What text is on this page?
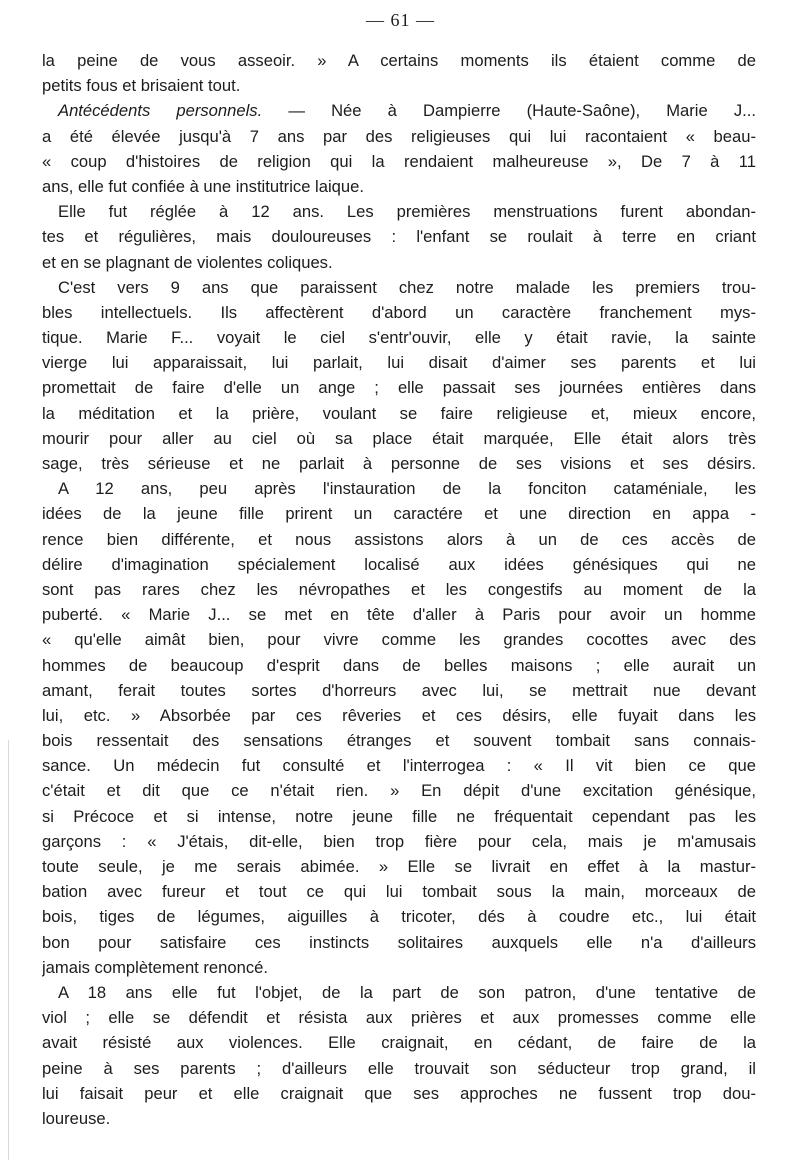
— 61 —
la peine de vous asseoir. » A certains moments ils étaient comme de
petits fous et brisaient tout.
Antécédents personnels. — Née à Dampierre (Haute-Saône), Marie J...
a été élevée jusqu'à 7 ans par des religieuses qui lui racontaient « beau-
« coup d'histoires de religion qui la rendaient malheureuse », De 7 à 11
ans, elle fut confiée à une institutrice laique.
Elle fut réglée à 12 ans. Les premières menstruations furent abondan-
tes et régulières, mais douloureuses : l'enfant se roulait à terre en criant
et en se plagnant de violentes coliques.
C'est vers 9 ans que paraissent chez notre malade les premiers trou-
bles intellectuels. Ils affectèrent d'abord un caractère franchement mys-
tique. Marie F... voyait le ciel s'entr'ouvir, elle y était ravie, la sainte
vierge lui apparaissait, lui parlait, lui disait d'aimer ses parents et lui
promettait de faire d'elle un ange ; elle passait ses journées entières dans
la méditation et la prière, voulant se faire religieuse et, mieux encore,
mourir pour aller au ciel où sa place était marquée, Elle était alors très
sage, très sérieuse et ne parlait à personne de ses visions et ses désirs.
A 12 ans, peu après l'instauration de la fonciton cataméniale, les
idées de la jeune fille prirent un caractére et une direction en appa -
rence bien différente, et nous assistons alors à un de ces accès de
délire d'imagination spécialement localisé aux idées génésiques qui ne
sont pas rares chez les névropathes et les congestifs au moment de la
puberté. « Marie J... se met en tête d'aller à Paris pour avoir un homme
« qu'elle aimât bien, pour vivre comme les grandes cocottes avec des
hommes de beaucoup d'esprit dans de belles maisons ; elle aurait un
amant, ferait toutes sortes d'horreurs avec lui, se mettrait nue devant
lui, etc. » Absorbée par ces rêveries et ces désirs, elle fuyait dans les
bois ressentait des sensations étranges et souvent tombait sans connais-
sance. Un médecin fut consulté et l'interrogea : « Il vit bien ce que
c'était et dit que ce n'était rien. » En dépit d'une excitation génésique,
si Précoce et si intense, notre jeune fille ne fréquentait cependant pas les
garçons : « J'étais, dit-elle, bien trop fière pour cela, mais je m'amusais
toute seule, je me serais abimée. » Elle se livrait en effet à la mastur-
bation avec fureur et tout ce qui lui tombait sous la main, morceaux de
bois, tiges de légumes, aiguilles à tricoter, dés à coudre etc., lui était
bon pour satisfaire ces instincts solitaires auxquels elle n'a d'ailleurs
jamais complètement renoncé.
A 18 ans elle fut l'objet, de la part de son patron, d'une tentative de
viol ; elle se défendit et résista aux prières et aux promesses comme elle
avait résisté aux violences. Elle craignait, en cédant, de faire de la
peine à ses parents ; d'ailleurs elle trouvait son séducteur trop grand, il
lui faisait peur et elle craignait que ses approches ne fussent trop dou-
loureuse.
